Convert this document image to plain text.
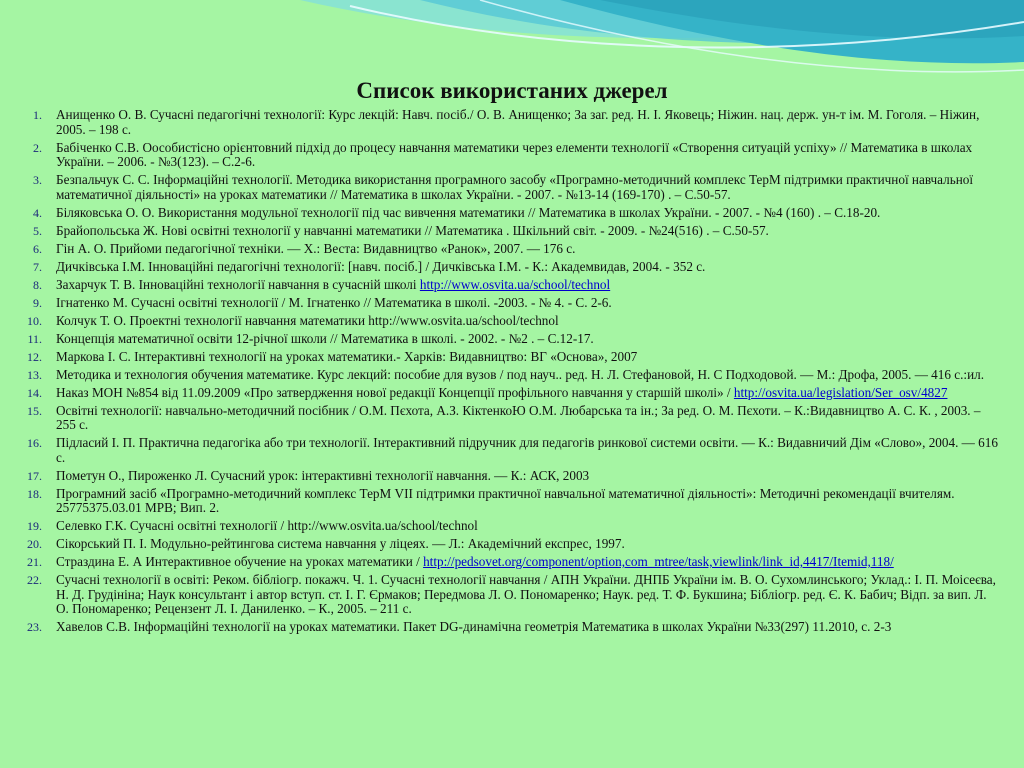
Список використаних джерел
1. Анищенко О. В. Сучасні педагогічні технології: Курс лекцій: Навч. посіб./ О. В. Анищенко; За заг. ред. Н. І. Яковець; Ніжин. нац. держ. ун-т ім. М. Гоголя. – Ніжин, 2005. – 198 с.
2. Бабіченко С.В. Оособистісно орієнтовний підхід до процесу навчання математики через елементи технології «Створення ситуацій успіху» // Математика в школах України. – 2006. - №3(123). – С.2-6.
3. Безпальчук С. С. Інформаційні технології. Методика використання програмного засобу «Програмно-методичний комплекс ТерМ підтримки практичної навчальної математичної діяльності» на уроках математики // Математика в школах України. - 2007. - №13-14 (169-170) . – С.50-57.
4. Біляковська О. О. Використання модульної технології під час вивчення математики // Математика в школах України. - 2007. - №4 (160) . – С.18-20.
5. Брайопольська Ж. Нові освітні технології у навчанні математики // Математика . Шкільний світ. - 2009. - №24(516) . – С.50-57.
6. Гін А. О. Прийоми педагогічної техніки. — Х.: Веста: Видавництво «Ранок», 2007. — 176 с.
7. Дичківська І.М. Інноваційні педагогічні технології: [навч. посіб.] / Дичківська І.М. - К.: Академвидав, 2004. - 352 с.
8. Захарчук Т. В. Інноваційні технології навчання в сучасній школі http://www.osvita.ua/school/technol
9. Ігнатенко М. Сучасні освітні технології / М. Ігнатенко // Математика в школі. -2003. - № 4. - С. 2-6.
10. Колчук Т. О. Проектні технології навчання математики http://www.osvita.ua/school/technol
11. Концепція математичної освіти 12-річної школи // Математика в школі. - 2002. - №2 . – С.12-17.
12. Маркова І. С. Інтерактивні технології на уроках математики.- Харків: Видавництво: ВГ «Основа», 2007
13. Методика и технология обучения математике. Курс лекций: пособие для вузов / под науч.. ред. Н. Л. Стефановой, Н. С Подходовой. — М.: Дрофа, 2005. — 416 с.:ил.
14. Наказ МОН №854 від 11.09.2009 «Про затвердження нової редакції Концепції профільного навчання у старшій школі» / http://osvita.ua/legislation/Ser_osv/4827
15. Освітні технології: навчально-методичний посібник / О.М. Пєхота, А.З. КіктенкоЮ О.М. Любарська та ін.; За ред. О. М. Пєхоти. – К.:Видавництво А. С. К. , 2003. – 255 с.
16. Підласий І. П. Практична педагогіка або три технології. Інтерактивний підручник для педагогів ринкової системи освіти. — К.: Видавничий Дім «Слово», 2004. — 616 с.
17. Пометун О., Пироженко Л. Сучасний урок: інтерактивні технології навчання. — К.: АСК, 2003
18. Програмний засіб «Програмно-методичний комплекс ТерМ VII підтримки практичної навчальної математичної діяльності»: Методичні рекомендації вчителям. 25775375.03.01 МРВ; Вип. 2.
19. Селевко Г.К. Сучасні освітні технології / http://www.osvita.ua/school/technol
20. Сікорський П. І. Модульно-рейтингова система навчання у ліцеях. — Л.: Академічний експрес, 1997.
21. Страздина Е. А Интерактивное обучение на уроках математики / http://pedsovet.org/component/option,com_mtree/task,viewlink/link_id,4417/Itemid,118/
22. Сучасні технології в освіті: Реком. бібліогр. покажч. Ч. 1. Сучасні технології навчання / АПН України. ДНПБ України ім. В. О. Сухомлинського; Уклад.: І. П. Моісеєва, Н. Д. Грудініна; Наук консультант і автор вступ. ст. І. Г. Єрмаков; Передмова Л. О. Пономаренко; Наук. ред. Т. Ф. Букшина; Бібліогр. ред. Є. К. Бабич; Відп. за вип. Л. О. Пономаренко; Рецензент Л. І. Даниленко. – К., 2005. – 211 с.
23. Хавелов С.В. Інформаційні технології на уроках математики. Пакет DG-динамічна геометрія Математика в школах України №33(297) 11.2010, с. 2-3
